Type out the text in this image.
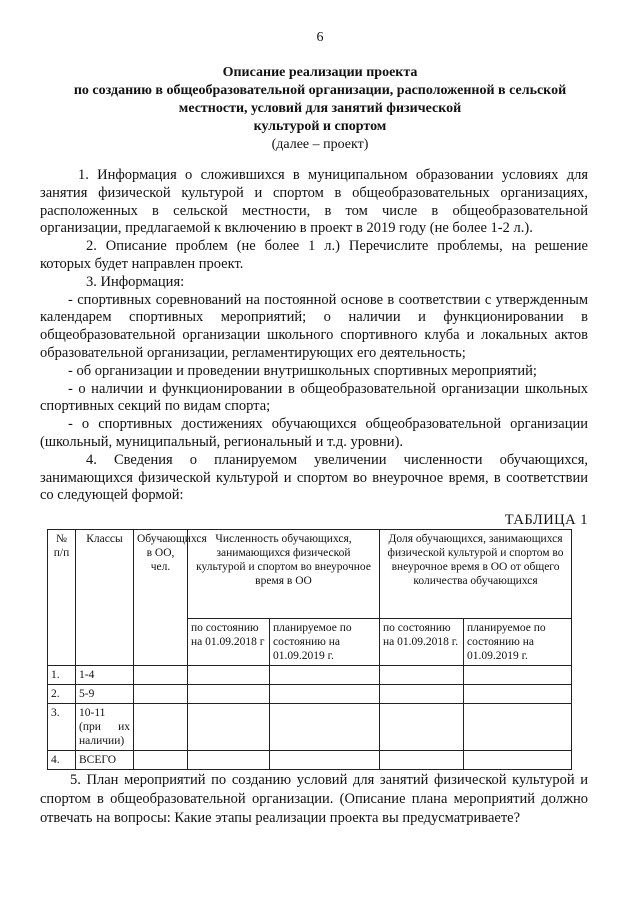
6
Описание реализации проекта
по созданию в общеобразовательной организации, расположенной в сельской
местности, условий для занятий физической
культурой и спортом
(далее – проект)

1. Информация о сложившихся в муниципальном образовании условиях для занятия физической культурой и спортом в общеобразовательных организациях, расположенных в сельской местности, в том числе в общеобразовательной организации, предлагаемой к включению в проект в 2019 году (не более 1-2 л.).

2. Описание проблем (не более 1 л.) Перечислите проблемы, на решение которых будет направлен проект.

3. Информация:

- спортивных соревнований на постоянной основе в соответствии с утвержденным календарем спортивных мероприятий; о наличии и функционировании в общеобразовательной организации школьного спортивного клуба и локальных актов образовательной организации, регламентирующих его деятельность;

- об организации и проведении внутришкольных спортивных мероприятий;

- о наличии и функционировании в общеобразовательной организации школьных спортивных секций по видам спорта;

- о спортивных достижениях обучающихся общеобразовательной организации (школьный, муниципальный, региональный и т.д. уровни).

4. Сведения о планируемом увеличении численности обучающихся, занимающихся физической культурой и спортом во внеурочное время, в соответствии со следующей формой:

ТАБЛИЦА 1
№ п/п	Классы	Обучающихся в ОО, чел.	Численность обучающихся, занимающихся физической культурой и спортом во внеурочное время в ОО		Доля обучающихся, занимающихся физической культурой и спортом во внеурочное время в ОО от общего количества обучающихся	
			по состоянию на 01.09.2018 г	планируемое по состоянию на 01.09.2019 г.	по состоянию на 01.09.2018 г.	планируемое по состоянию на 01.09.2019 г.
1.	1-4					
2.	5-9					
3.	10-11 (при их наличии)					
4.	ВСЕГО					

5. План мероприятий по созданию условий для занятий физической культурой и спортом в общеобразовательной организации. (Описание плана мероприятий должно отвечать на вопросы: Какие этапы реализации проекта вы предусматриваете?
